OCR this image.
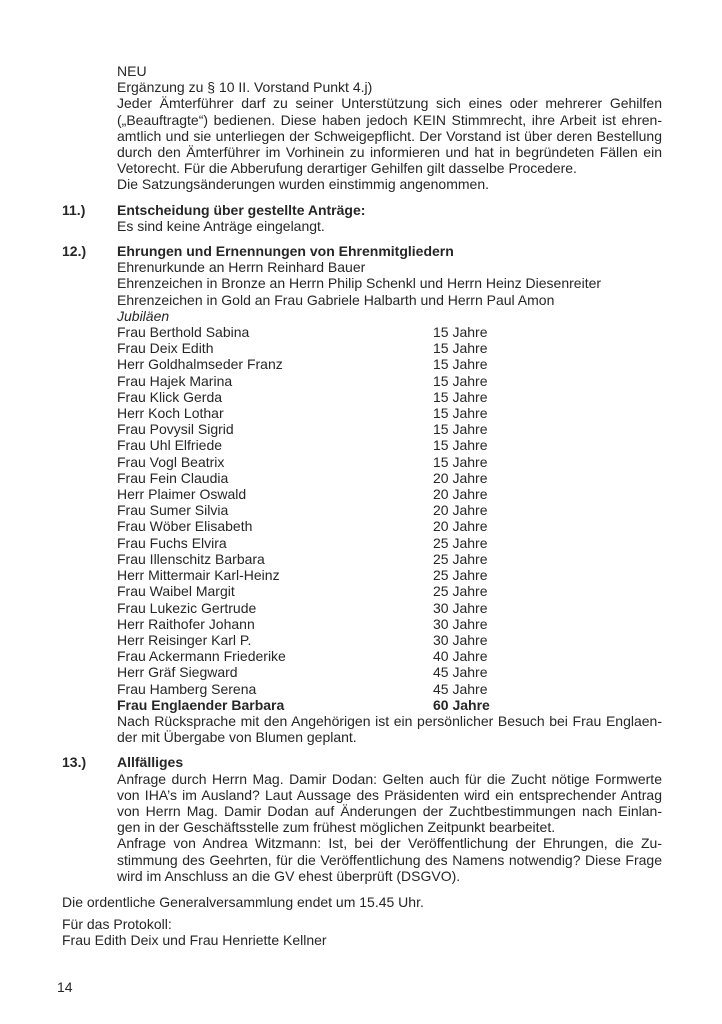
NEU
Ergänzung zu § 10 II. Vorstand Punkt 4.j)
Jeder Ämterführer darf zu seiner Unterstützung sich eines oder mehrerer Gehilfen
(„Beauftragte“) bedienen. Diese haben jedoch KEIN Stimmrecht, ihre Arbeit ist ehren-
amtlich und sie unterliegen der Schweigepflicht. Der Vorstand ist über deren Bestellung
durch den Ämterführer im Vorhinein zu informieren und hat in begründeten Fällen ein
Vetorecht. Für die Abberufung derartiger Gehilfen gilt dasselbe Procedere.
Die Satzungsänderungen wurden einstimmig angenommen.
11.)	Entscheidung über gestellte Anträge:
Es sind keine Anträge eingelangt.
12.)	Ehrungen und Ernennungen von Ehrenmitgliedern
Ehrenurkunde an Herrn Reinhard Bauer
Ehrenzeichen in Bronze an Herrn Philip Schenkl und Herrn Heinz Diesenreiter
Ehrenzeichen in Gold an Frau Gabriele Halbarth und Herrn Paul Amon
Jubiläen
Frau Berthold Sabina	15 Jahre
Frau Deix Edith	15 Jahre
Herr Goldhalmseder Franz	15 Jahre
Frau Hajek Marina	15 Jahre
Frau Klick Gerda	15 Jahre
Herr Koch Lothar	15 Jahre
Frau Povysil Sigrid	15 Jahre
Frau Uhl Elfriede	15 Jahre
Frau Vogl Beatrix	15 Jahre
Frau Fein Claudia	20 Jahre
Herr Plaimer Oswald	20 Jahre
Frau Sumer Silvia	20 Jahre
Frau Wöber Elisabeth	20 Jahre
Frau Fuchs Elvira	25 Jahre
Frau Illenschitz Barbara	25 Jahre
Herr Mittermair Karl-Heinz	25 Jahre
Frau Waibel Margit	25 Jahre
Frau Lukezic Gertrude	30 Jahre
Herr Raithofer Johann	30 Jahre
Herr Reisinger Karl P.	30 Jahre
Frau Ackermann Friederike	40 Jahre
Herr Gräf Siegward	45 Jahre
Frau Hamberg Serena	45 Jahre
Frau Englaender Barbara	60 Jahre
Nach Rücksprache mit den Angehörigen ist ein persönlicher Besuch bei Frau Englaen-
der mit Übergabe von Blumen geplant.
13.)	Allfälliges
Anfrage durch Herrn Mag. Damir Dodan: Gelten auch für die Zucht nötige Formwerte
von IHA’s im Ausland? Laut Aussage des Präsidenten wird ein entsprechender Antrag
von Herrn Mag. Damir Dodan auf Änderungen der Zuchtbestimmungen nach Einlan-
gen in der Geschäftsstelle zum frühest möglichen Zeitpunkt bearbeitet.
Anfrage von Andrea Witzmann: Ist, bei der Veröffentlichung der Ehrungen, die Zu-
stimmung des Geehrten, für die Veröffentlichung des Namens notwendig? Diese Frage
wird im Anschluss an die GV ehest überprüft (DSGVO).
Die ordentliche Generalversammlung endet um 15.45 Uhr.
Für das Protokoll:
Frau Edith Deix und Frau Henriette Kellner
14
